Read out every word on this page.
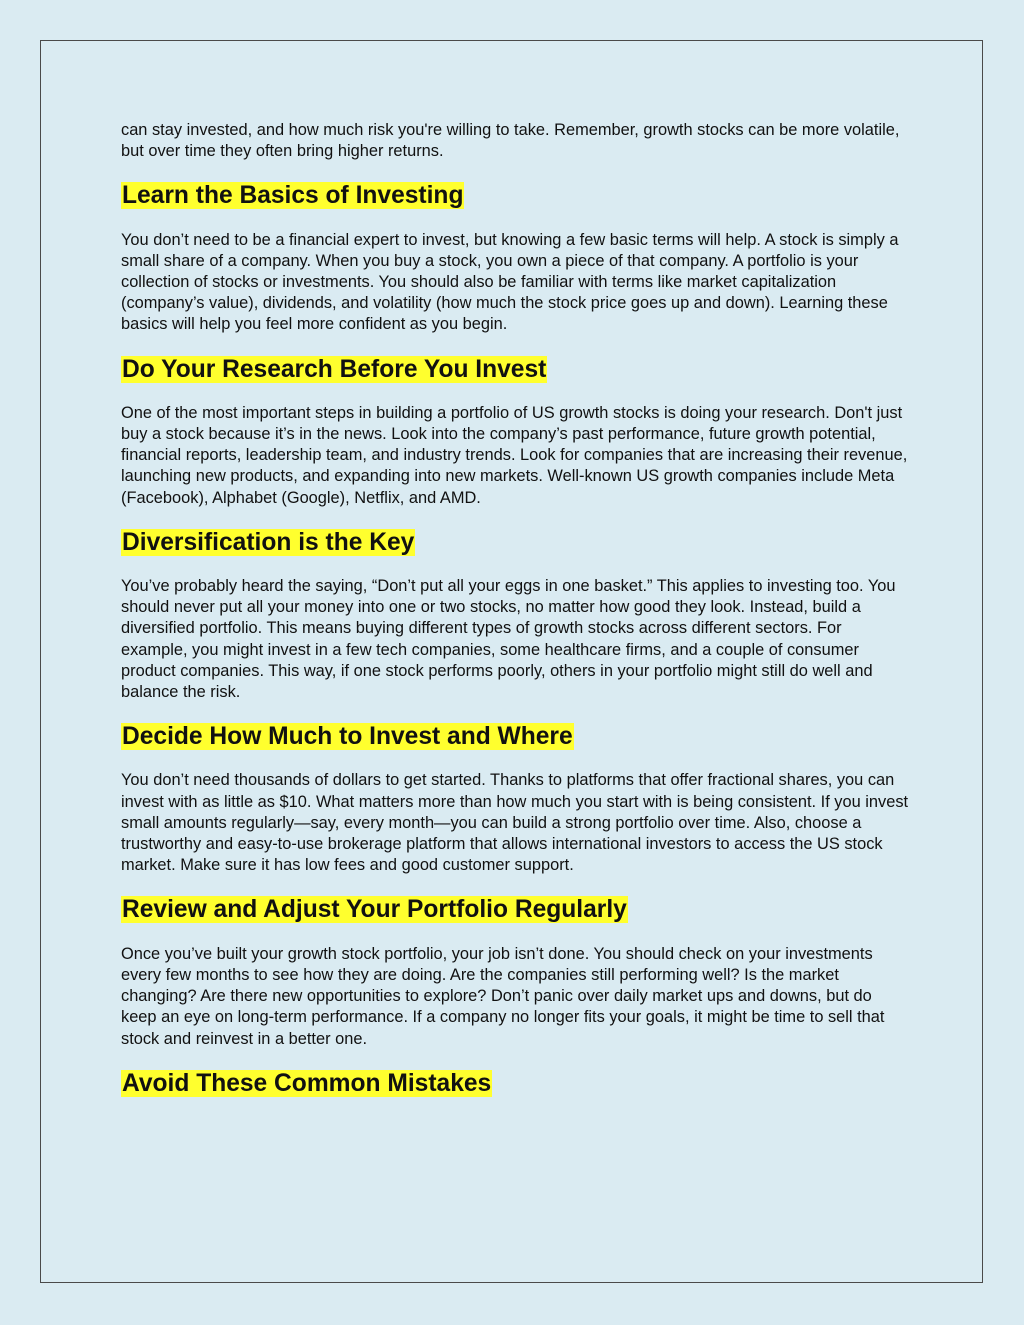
can stay invested, and how much risk you're willing to take. Remember, growth stocks can be more volatile, but over time they often bring higher returns.

Learn the Basics of Investing

You don’t need to be a financial expert to invest, but knowing a few basic terms will help. A stock is simply a small share of a company. When you buy a stock, you own a piece of that company. A portfolio is your collection of stocks or investments. You should also be familiar with terms like market capitalization (company’s value), dividends, and volatility (how much the stock price goes up and down). Learning these basics will help you feel more confident as you begin.

Do Your Research Before You Invest

One of the most important steps in building a portfolio of US growth stocks is doing your research. Don't just buy a stock because it’s in the news. Look into the company’s past performance, future growth potential, financial reports, leadership team, and industry trends. Look for companies that are increasing their revenue, launching new products, and expanding into new markets. Well-known US growth companies include Meta (Facebook), Alphabet (Google), Netflix, and AMD.

Diversification is the Key

You’ve probably heard the saying, “Don’t put all your eggs in one basket.” This applies to investing too. You should never put all your money into one or two stocks, no matter how good they look. Instead, build a diversified portfolio. This means buying different types of growth stocks across different sectors. For example, you might invest in a few tech companies, some healthcare firms, and a couple of consumer product companies. This way, if one stock performs poorly, others in your portfolio might still do well and balance the risk.

Decide How Much to Invest and Where

You don’t need thousands of dollars to get started. Thanks to platforms that offer fractional shares, you can invest with as little as $10. What matters more than how much you start with is being consistent. If you invest small amounts regularly—say, every month—you can build a strong portfolio over time. Also, choose a trustworthy and easy-to-use brokerage platform that allows international investors to access the US stock market. Make sure it has low fees and good customer support.

Review and Adjust Your Portfolio Regularly

Once you’ve built your growth stock portfolio, your job isn’t done. You should check on your investments every few months to see how they are doing. Are the companies still performing well? Is the market changing? Are there new opportunities to explore? Don’t panic over daily market ups and downs, but do keep an eye on long-term performance. If a company no longer fits your goals, it might be time to sell that stock and reinvest in a better one.

Avoid These Common Mistakes
